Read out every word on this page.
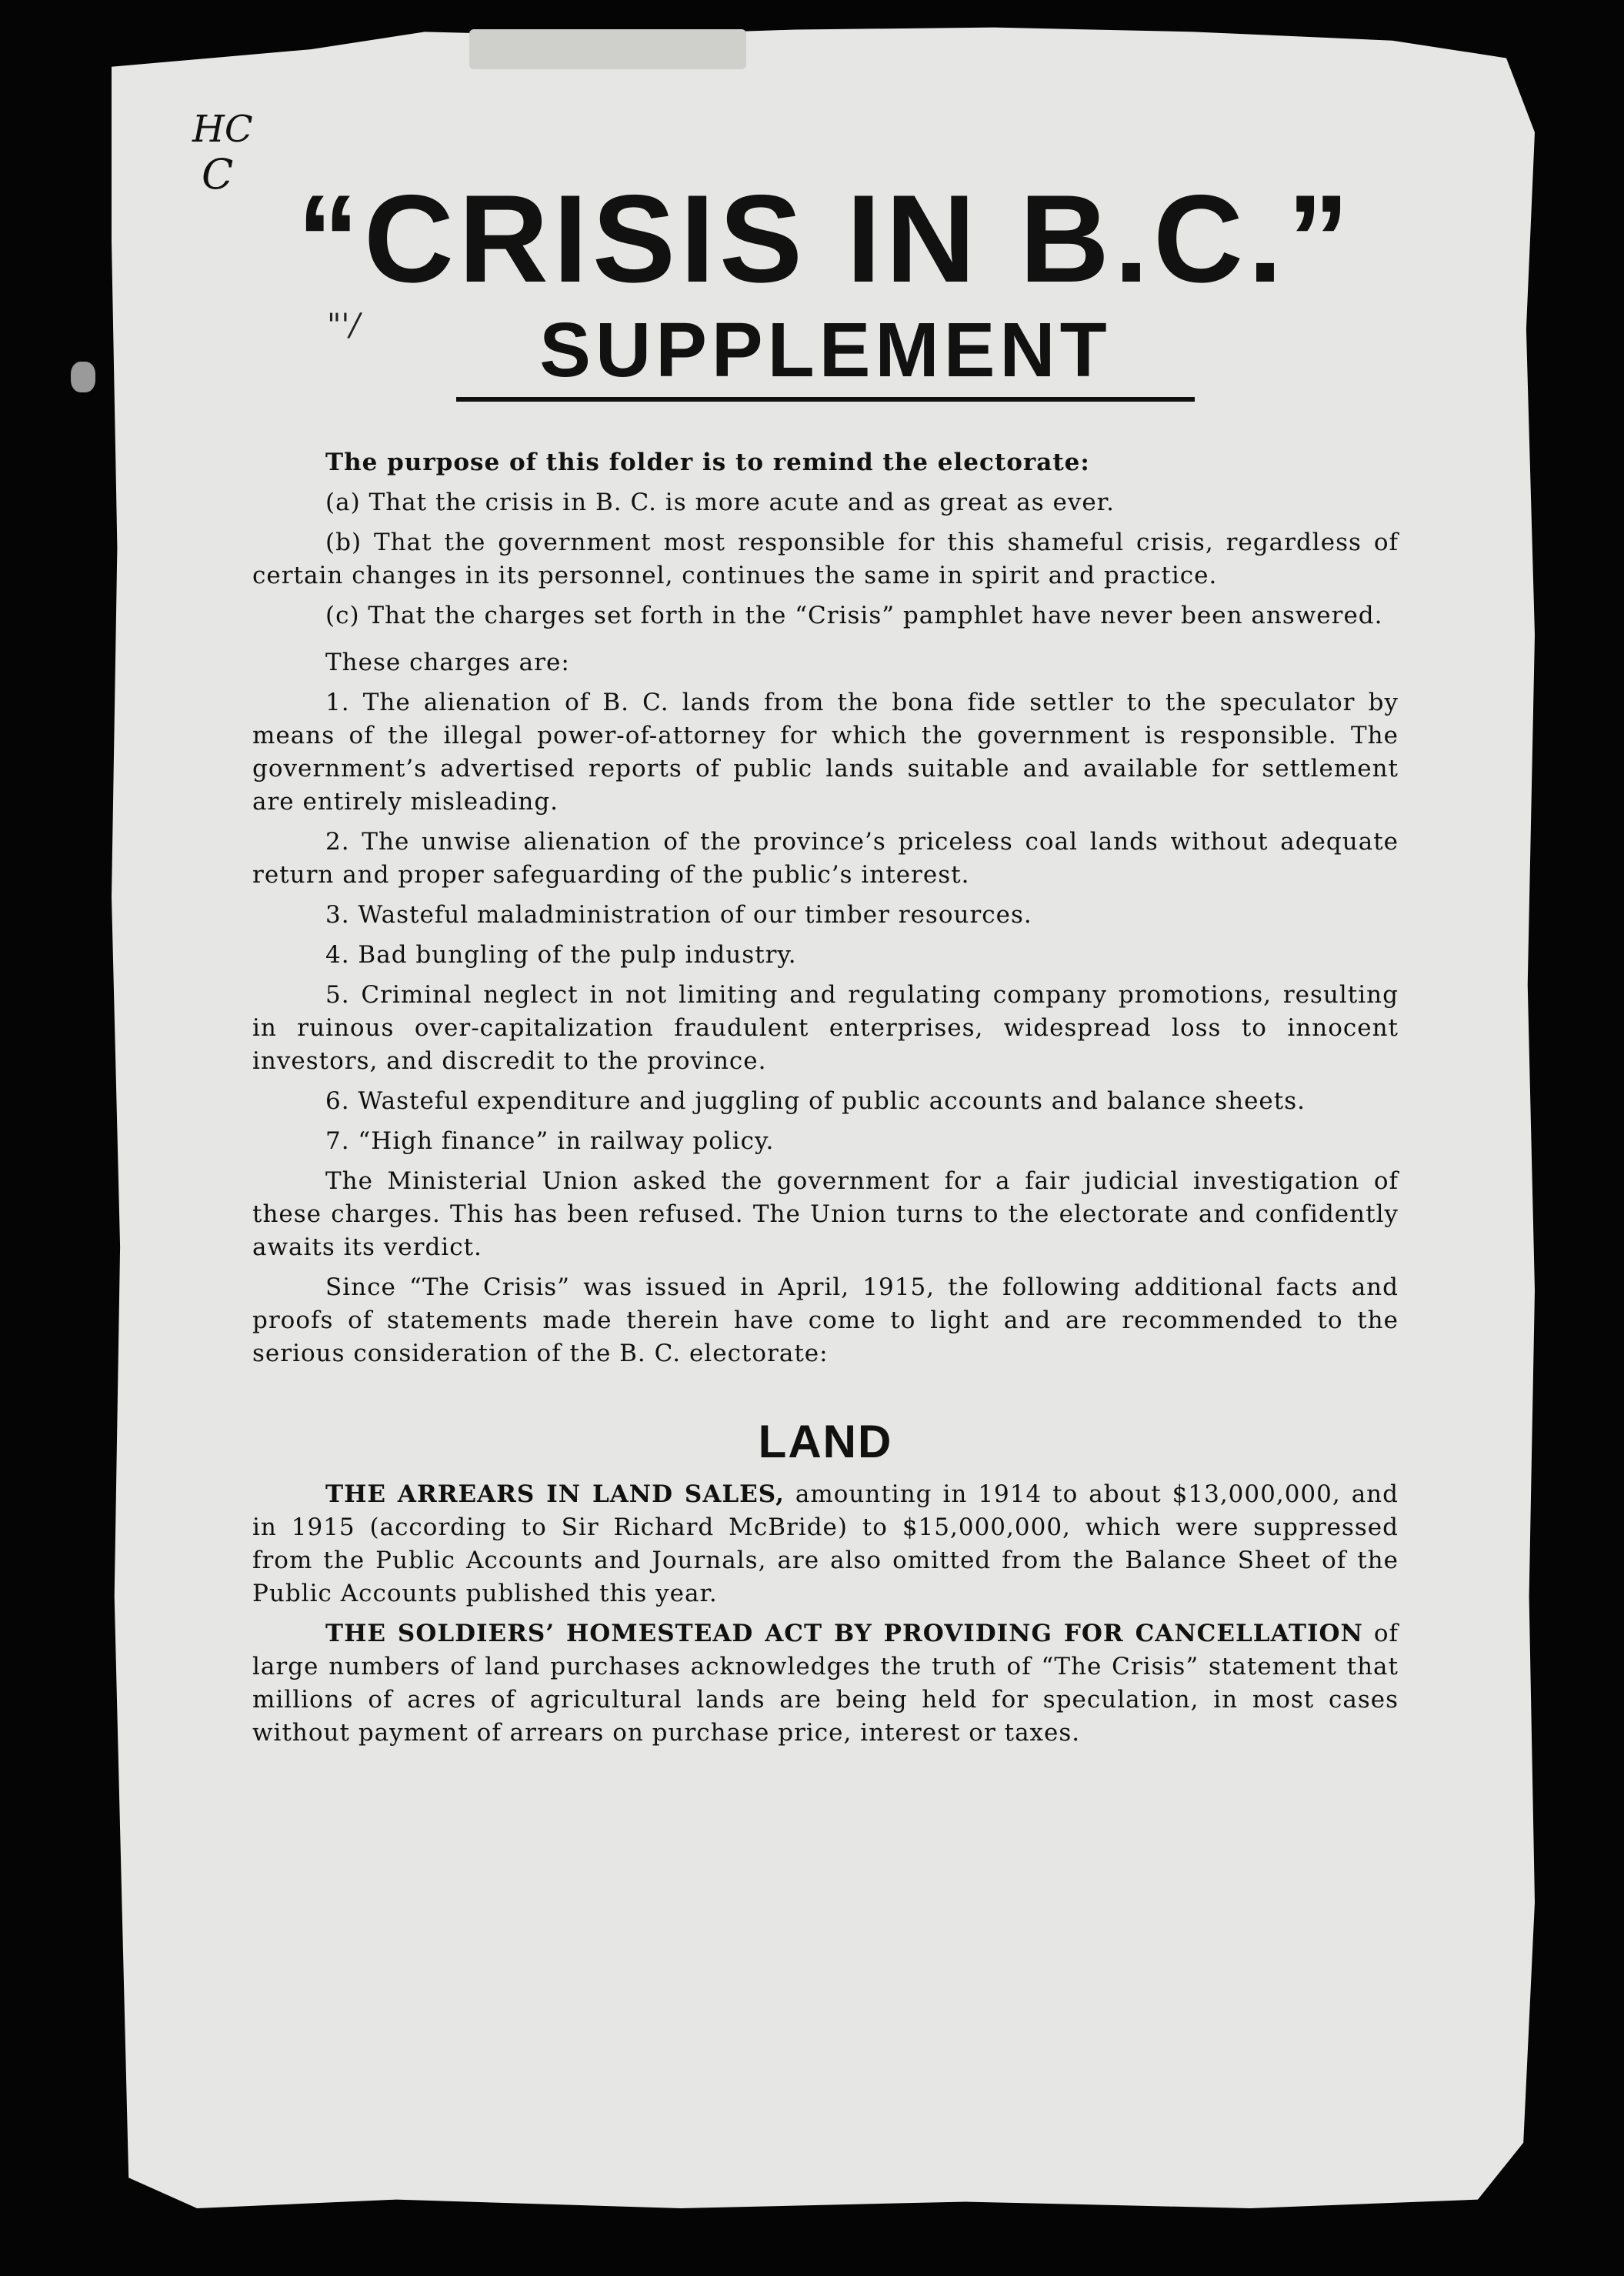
HC
C
"'/
“CRISIS IN B.C.”
SUPPLEMENT

The purpose of this folder is to remind the electorate:

(a) That the crisis in B. C. is more acute and as great as ever.

(b) That the government most responsible for this shameful crisis, regardless of certain changes in its personnel, continues the same in spirit and practice.

(c) That the charges set forth in the “Crisis” pamphlet have never been answered.

These charges are:

1. The alienation of B. C. lands from the bona fide settler to the speculator by means of the illegal power-of-attorney for which the government is responsible. The government’s advertised reports of public lands suitable and available for settlement are entirely misleading.

2. The unwise alienation of the province’s priceless coal lands without adequate return and proper safeguarding of the public’s interest.

3. Wasteful maladministration of our timber resources.

4. Bad bungling of the pulp industry.

5. Criminal neglect in not limiting and regulating company promotions, resulting in ruinous over-capitalization fraudulent enterprises, widespread loss to innocent investors, and discredit to the province.

6. Wasteful expenditure and juggling of public accounts and balance sheets.

7. “High finance” in railway policy.

The Ministerial Union asked the government for a fair judicial investigation of these charges. This has been refused. The Union turns to the electorate and confidently awaits its verdict.

Since “The Crisis” was issued in April, 1915, the following additional facts and proofs of statements made therein have come to light and are recommended to the serious consideration of the B. C. electorate:

LAND

THE ARREARS IN LAND SALES, amounting in 1914 to about $13,000,000, and in 1915 (according to Sir Richard McBride) to $15,000,000, which were suppressed from the Public Accounts and Journals, are also omitted from the Balance Sheet of the Public Accounts published this year.

THE SOLDIERS’ HOMESTEAD ACT BY PROVIDING FOR CANCELLATION of large numbers of land purchases acknowledges the truth of “The Crisis” statement that millions of acres of agricultural lands are being held for speculation, in most cases without payment of arrears on purchase price, interest or taxes.
